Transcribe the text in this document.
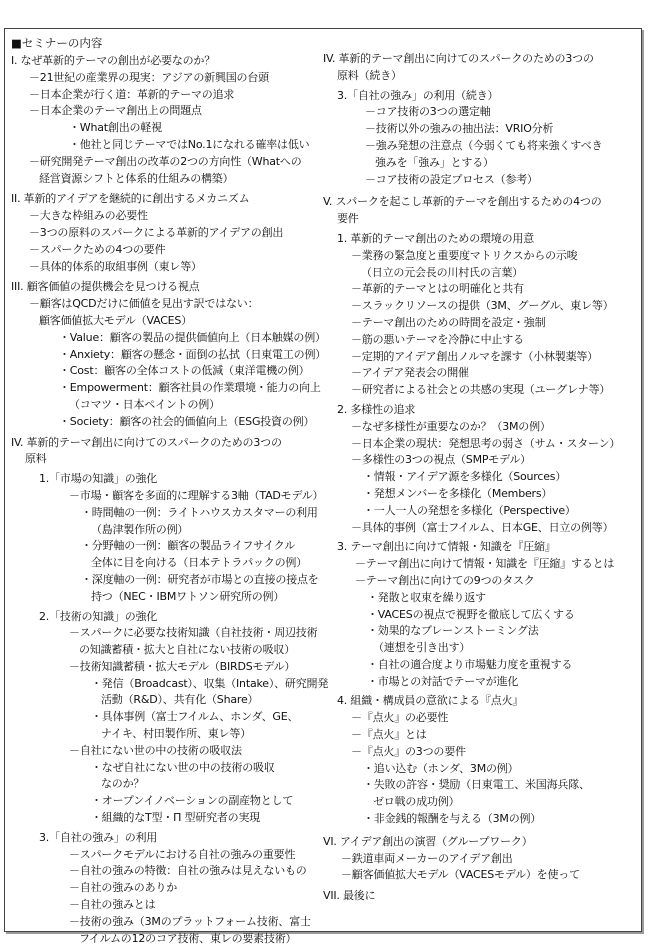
■セミナーの内容
I. なぜ革新的テーマの創出が必要なのか？
－21世紀の産業界の現実：アジアの新興国の台頭
－日本企業が行く道：革新的テーマの追求
－日本企業のテーマ創出上の問題点
・What創出の軽視
・他社と同じテーマではNo.1になれる確率は低い
－研究開発テーマ創出の改革の2つの方向性（Whatへの
経営資源シフトと体系的仕組みの構築）
II. 革新的アイデアを継続的に創出するメカニズム
－大きな枠組みの必要性
－3つの原料のスパークによる革新的アイデアの創出
－スパークための4つの要件
－具体的体系的取組事例（東レ等）
III. 顧客価値の提供機会を見つける視点
－顧客はQCDだけに価値を見出す訳ではない：
顧客価値拡大モデル（VACES）
・Value：顧客の製品の提供価値向上（日本触媒の例）
・Anxiety：顧客の懸念・面倒の払拭（日東電工の例）
・Cost：顧客の全体コストの低減（東洋電機の例）
・Empowerment：顧客社員の作業環境・能力の向上
（コマツ・日本ペイントの例）
・Society：顧客の社会的価値向上（ESG投資の例）
IV. 革新的テーマ創出に向けてのスパークのための3つの
原料
1.「市場の知識」の強化
－市場・顧客を多面的に理解する3軸（TADモデル）
・時間軸の一例：ライトハウスカスタマーの利用
（島津製作所の例）
・分野軸の一例：顧客の製品ライフサイクル
全体に目を向ける（日本テトラパックの例）
・深度軸の一例：研究者が市場との直接の接点を
持つ（NEC・IBMワトソン研究所の例）
2.「技術の知識」の強化
－スパークに必要な技術知識（自社技術・周辺技術
の知識蓄積・拡大と自社にない技術の吸収）
－技術知識蓄積・拡大モデル（BIRDSモデル）
・発信（Broadcast）、収集（Intake）、研究開発
活動（R&D）、共有化（Share）
・具体事例（富士フイルム、ホンダ、GE、
ナイキ、村田製作所、東レ等）
－自社にない世の中の技術の吸収法
・なぜ自社にない世の中の技術の吸収
なのか？
・オープンイノベーションの副産物として
・組織的なT型・Π 型研究者の実現
3.「自社の強み」の利用
－スパークモデルにおける自社の強みの重要性
－自社の強みの特徴：自社の強みは見えないもの
－自社の強みのありか
－自社の強みとは
－技術の強み（3Mのプラットフォーム技術、富士
フイルムの12のコア技術、東レの要素技術）
IV. 革新的テーマ創出に向けてのスパークのための3つの
原料（続き）
3.「自社の強み」の利用（続き）
－コア技術の3つの選定軸
－技術以外の強みの抽出法：VRIO分析
－強み発想の注意点（今弱くても将来強くすべき
強みを「強み」とする）
－コア技術の設定プロセス（参考）
V. スパークを起こし革新的テーマを創出するための4つの
要件
1. 革新的テーマ創出のための環境の用意
－業務の緊急度と重要度マトリクスからの示唆
（日立の元会長の川村氏の言葉）
－革新的テーマとはの明確化と共有
－スラックリソースの提供（3M、グーグル、東レ等）
－テーマ創出のための時間を設定・強制
－筋の悪いテーマを冷静に中止する
－定期的アイデア創出ノルマを課す（小林製薬等）
－アイデア発表会の開催
－研究者による社会との共感の実現（ユーグレナ等）
2. 多様性の追求
－なぜ多様性が重要なのか？（3Mの例）
－日本企業の現状：発想思考の弱さ（サム・スターン）
－多様性の3つの視点（SMPモデル）
・情報・アイデア源を多様化（Sources）
・発想メンバーを多様化（Members）
・一人一人の発想を多様化（Perspective）
－具体的事例（富士フイルム、日本GE、日立の例等）
3. テーマ創出に向けて情報・知識を『圧縮』
－テーマ創出に向けて情報・知識を『圧縮』するとは
－テーマ創出に向けての9つのタスク
・発散と収束を繰り返す
・VACESの視点で視野を徹底して広くする
・効果的なブレーンストーミング法
（連想を引き出す）
・自社の適合度より市場魅力度を重視する
・市場との対話でテーマが進化
4. 組織・構成員の意欲による『点火』
－『点火』の必要性
－『点火』とは
－『点火』の3つの要件
・追い込む（ホンダ、3Mの例）
・失敗の許容・奨励（日東電工、米国海兵隊、
ゼロ戦の成功例）
・非金銭的報酬を与える（3Mの例）
VI. アイデア創出の演習（グループワーク）
－鉄道車両メーカーのアイデア創出
－顧客価値拡大モデル（VACESモデル）を使って
VII. 最後に
